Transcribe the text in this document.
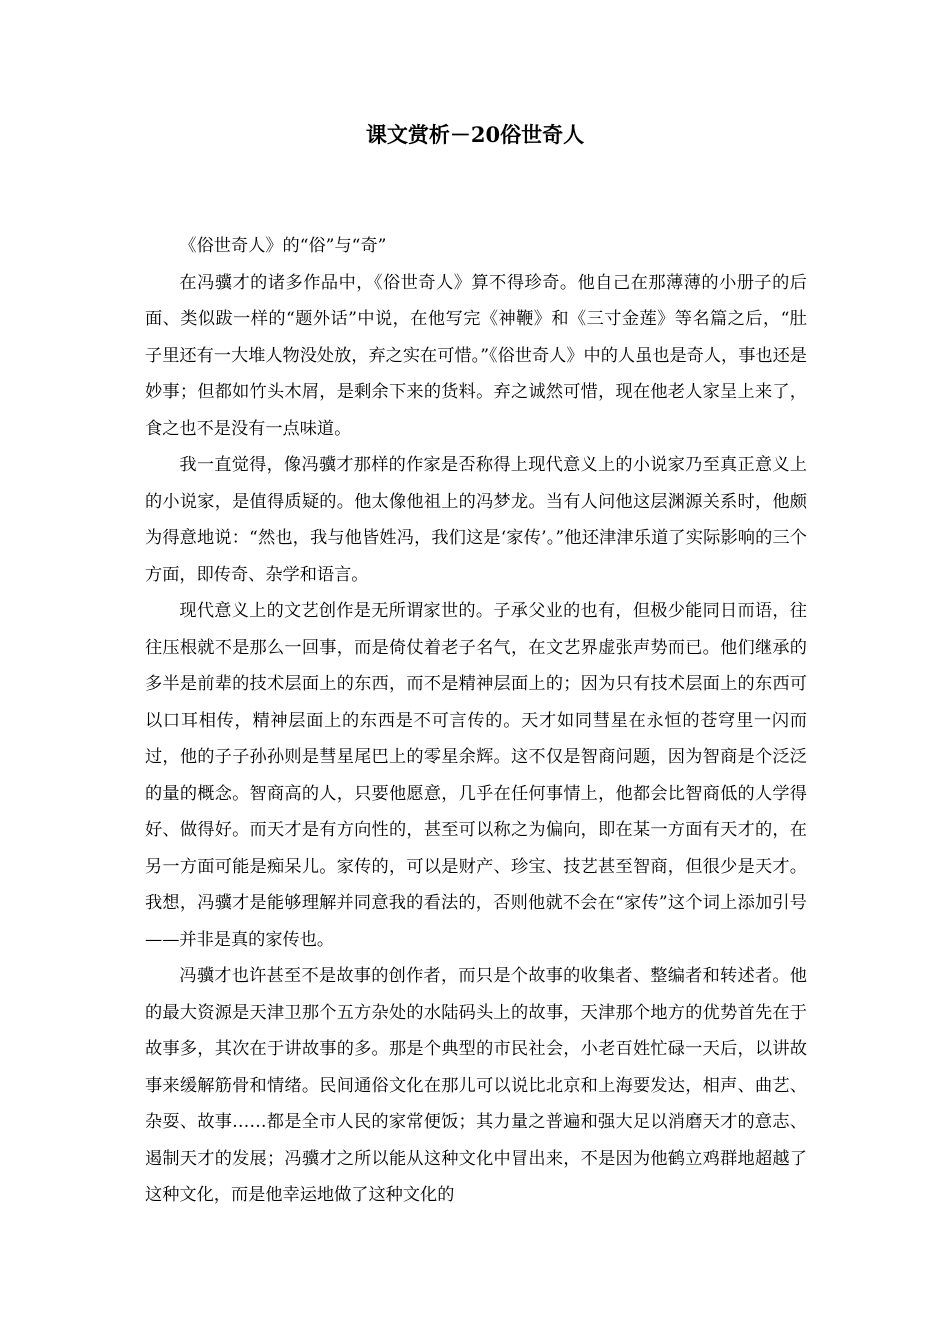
课文赏析－20俗世奇人

《俗世奇人》的“俗”与“奇”

在冯骥才的诸多作品中，《俗世奇人》算不得珍奇。他自己在那薄薄的小册子的后面、类似跋一样的“题外话”中说，在他写完《神鞭》和《三寸金莲》等名篇之后，“肚子里还有一大堆人物没处放，弃之实在可惜。”《俗世奇人》中的人虽也是奇人，事也还是妙事；但都如竹头木屑，是剩余下来的货料。弃之诚然可惜，现在他老人家呈上来了，食之也不是没有一点味道。

我一直觉得，像冯骥才那样的作家是否称得上现代意义上的小说家乃至真正意义上的小说家，是值得质疑的。他太像他祖上的冯梦龙。当有人问他这层渊源关系时，他颇为得意地说：“然也，我与他皆姓冯，我们这是‘家传’。”他还津津乐道了实际影响的三个方面，即传奇、杂学和语言。

现代意义上的文艺创作是无所谓家世的。子承父业的也有，但极少能同日而语，往往压根就不是那么一回事，而是倚仗着老子名气，在文艺界虚张声势而已。他们继承的多半是前辈的技术层面上的东西，而不是精神层面上的；因为只有技术层面上的东西可以口耳相传，精神层面上的东西是不可言传的。天才如同彗星在永恒的苍穹里一闪而过，他的子子孙孙则是彗星尾巴上的零星余辉。这不仅是智商问题，因为智商是个泛泛的量的概念。智商高的人，只要他愿意，几乎在任何事情上，他都会比智商低的人学得好、做得好。而天才是有方向性的，甚至可以称之为偏向，即在某一方面有天才的，在另一方面可能是痴呆儿。家传的，可以是财产、珍宝、技艺甚至智商，但很少是天才。我想，冯骥才是能够理解并同意我的看法的，否则他就不会在“家传”这个词上添加引号——并非是真的家传也。

冯骥才也许甚至不是故事的创作者，而只是个故事的收集者、整编者和转述者。他的最大资源是天津卫那个五方杂处的水陆码头上的故事，天津那个地方的优势首先在于故事多，其次在于讲故事的多。那是个典型的市民社会，小老百姓忙碌一天后，以讲故事来缓解筋骨和情绪。民间通俗文化在那儿可以说比北京和上海要发达，相声、曲艺、杂耍、故事……都是全市人民的家常便饭；其力量之普遍和强大足以消磨天才的意志、遏制天才的发展；冯骥才之所以能从这种文化中冒出来，不是因为他鹤立鸡群地超越了这种文化，而是他幸运地做了这种文化的
